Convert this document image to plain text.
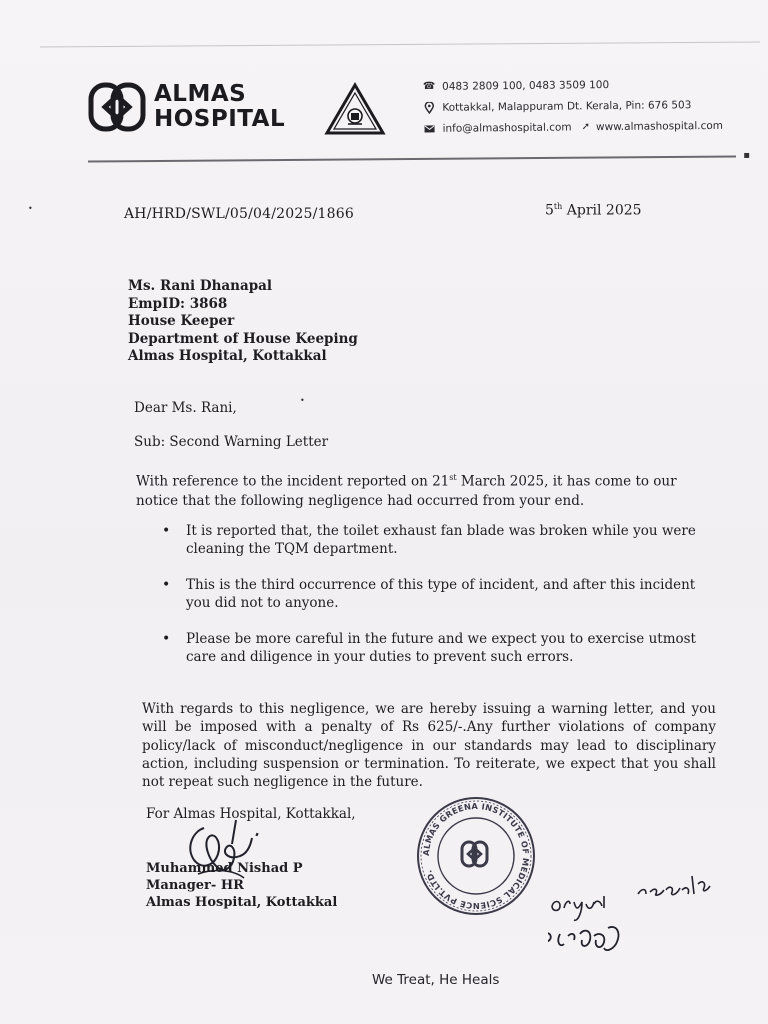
ALMAS
HOSPITAL
☎ 0483 2809 100, 0483 3509 100
Kottakkal, Malappuram Dt. Kerala, Pin: 676 503
info@almashospital.com ➚ www.almashospital.com
▪
•
•
AH/HRD/SWL/05/04/2025/1866	5th April 2025
Ms. Rani Dhanapal
EmpID: 3868
House Keeper
Department of House Keeping
Almas Hospital, Kottakkal
Dear Ms. Rani,
Sub: Second Warning Letter
With reference to the incident reported on 21st March 2025, it has come to our notice that the following negligence had occurred from your end.
• It is reported that, the toilet exhaust fan blade was broken while you were cleaning the TQM department.
• This is the third occurrence of this type of incident, and after this incident you did not to anyone.
• Please be more careful in the future and we expect you to exercise utmost care and diligence in your duties to prevent such errors.
With regards to this negligence, we are hereby issuing a warning letter, and you will be imposed with a penalty of Rs 625/-.Any further violations of company policy/lack of misconduct/negligence in our standards may lead to disciplinary action, including suspension or termination. To reiterate, we expect that you shall not repeat such negligence in the future.
For Almas Hospital, Kottakkal,
Muhammed Nishad P
Manager- HR
Almas Hospital, Kottakkal
ALMAS GREENA INSTITUTE OF MEDICAL SCIENCE PVT.LTD.
We Treat, He Heals
